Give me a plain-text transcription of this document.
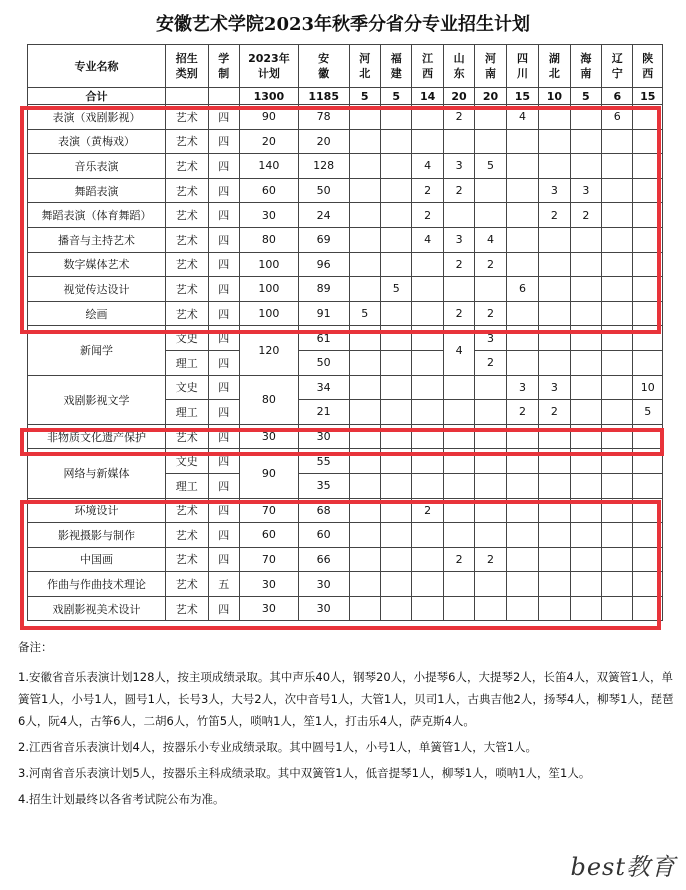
安徽艺术学院2023年秋季分省分专业招生计划
专业名称	招生类别	学制	2023年计划	安徽	河北	福建	江西	山东	河南	四川	湖北	海南	辽宁	陕西
合计			1300	1185	5	5	14	20	20	15	10	5	6	15
表演（戏剧影视）	艺术	四	90	78				2		4			6	
表演（黄梅戏）	艺术	四	20	20										
音乐表演	艺术	四	140	128			4	3	5					
舞蹈表演	艺术	四	60	50			2	2			3	3		
舞蹈表演（体育舞蹈）	艺术	四	30	24			2				2	2		
播音与主持艺术	艺术	四	80	69			4	3	4					
数字媒体艺术	艺术	四	100	96				2	2					
视觉传达设计	艺术	四	100	89		5				6				
绘画	艺术	四	100	91	5			2	2					
新闻学	文史	四	120	61				4	3					
	理工	四		50					2					
戏剧影视文学	文史	四	80	34						3	3			10
	理工	四		21						2	2			5
非物质文化遗产保护	艺术	四	30	30										
网络与新媒体	文史	四	90	55										
	理工	四		35										
环境设计	艺术	四	70	68			2							
影视摄影与制作	艺术	四	60	60										
中国画	艺术	四	70	66				2	2					
作曲与作曲技术理论	艺术	五	30	30										
戏剧影视美术设计	艺术	四	30	30										

备注：

1.安徽省音乐表演计划128人，按主项成绩录取。其中声乐40人，钢琴20人，小提琴6人，大提琴2人，长笛4人，双簧管1人，单簧管1人，小号1人，圆号1人，长号3人，大号2人，次中音号1人，大管1人，贝司1人，古典吉他2人，扬琴4人，柳琴1人，琵琶6人，阮4人，古筝6人，二胡6人，竹笛5人，唢呐1人，笙1人，打击乐4人，萨克斯4人。

2.江西省音乐表演计划4人，按器乐小专业成绩录取。其中圆号1人，小号1人，单簧管1人，大管1人。

3.河南省音乐表演计划5人，按器乐主科成绩录取。其中双簧管1人，低音提琴1人，柳琴1人，唢呐1人，笙1人。

4.招生计划最终以各省考试院公布为准。

best教育
